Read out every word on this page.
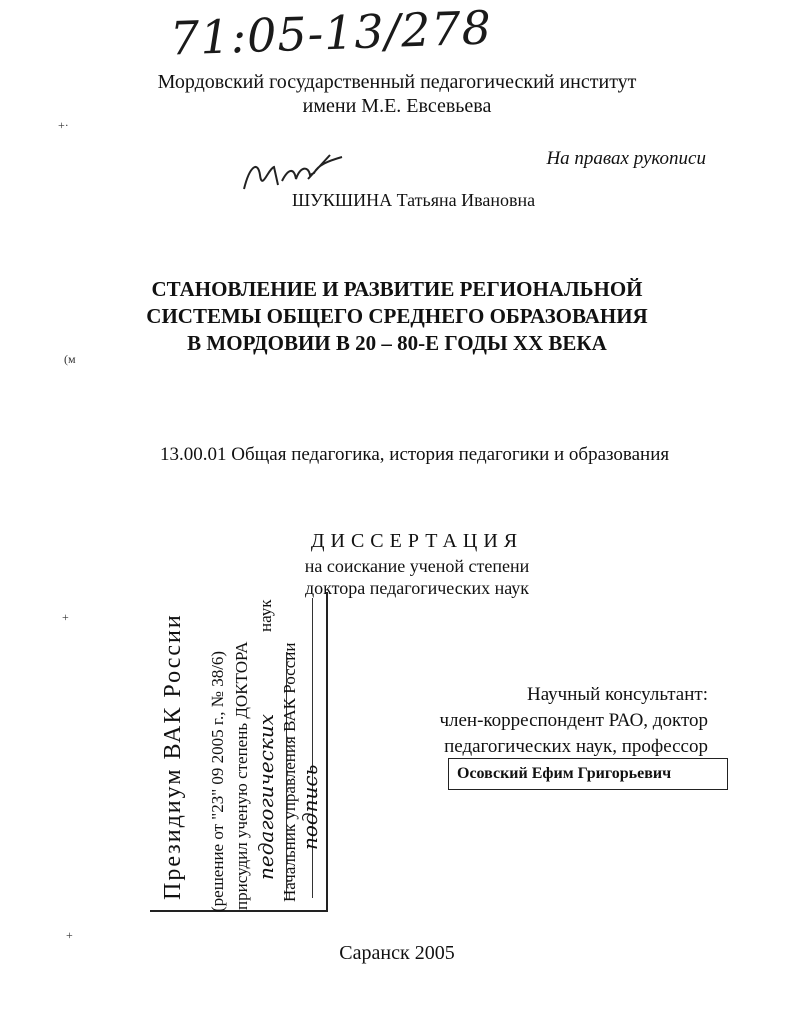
71:05-13/278
Мордовский государственный педагогический институт
имени М.Е. Евсевьева
На правах рукописи
ШУКШИНА Татьяна Ивановна
СТАНОВЛЕНИЕ И РАЗВИТИЕ РЕГИОНАЛЬНОЙ
СИСТЕМЫ ОБЩЕГО СРЕДНЕГО ОБРАЗОВАНИЯ
В МОРДОВИИ В 20 – 80-Е ГОДЫ XX ВЕКА
13.00.01 Общая педагогика, история педагогики и образования
ДИССЕРТАЦИЯ
на соискание ученой степени
доктора педагогических наук
Научный консультант:
член-корреспондент РАО, доктор
педагогических наук, профессор
Осовский Ефим Григорьевич
Президиум ВАК России (решение от "23" 09 2005 г., № 38/6) присудил ученую степень ДОКТОРА педагогических
наук
Начальник управления ВАК России подпись
+·
(м
+
+
Саранск 2005
